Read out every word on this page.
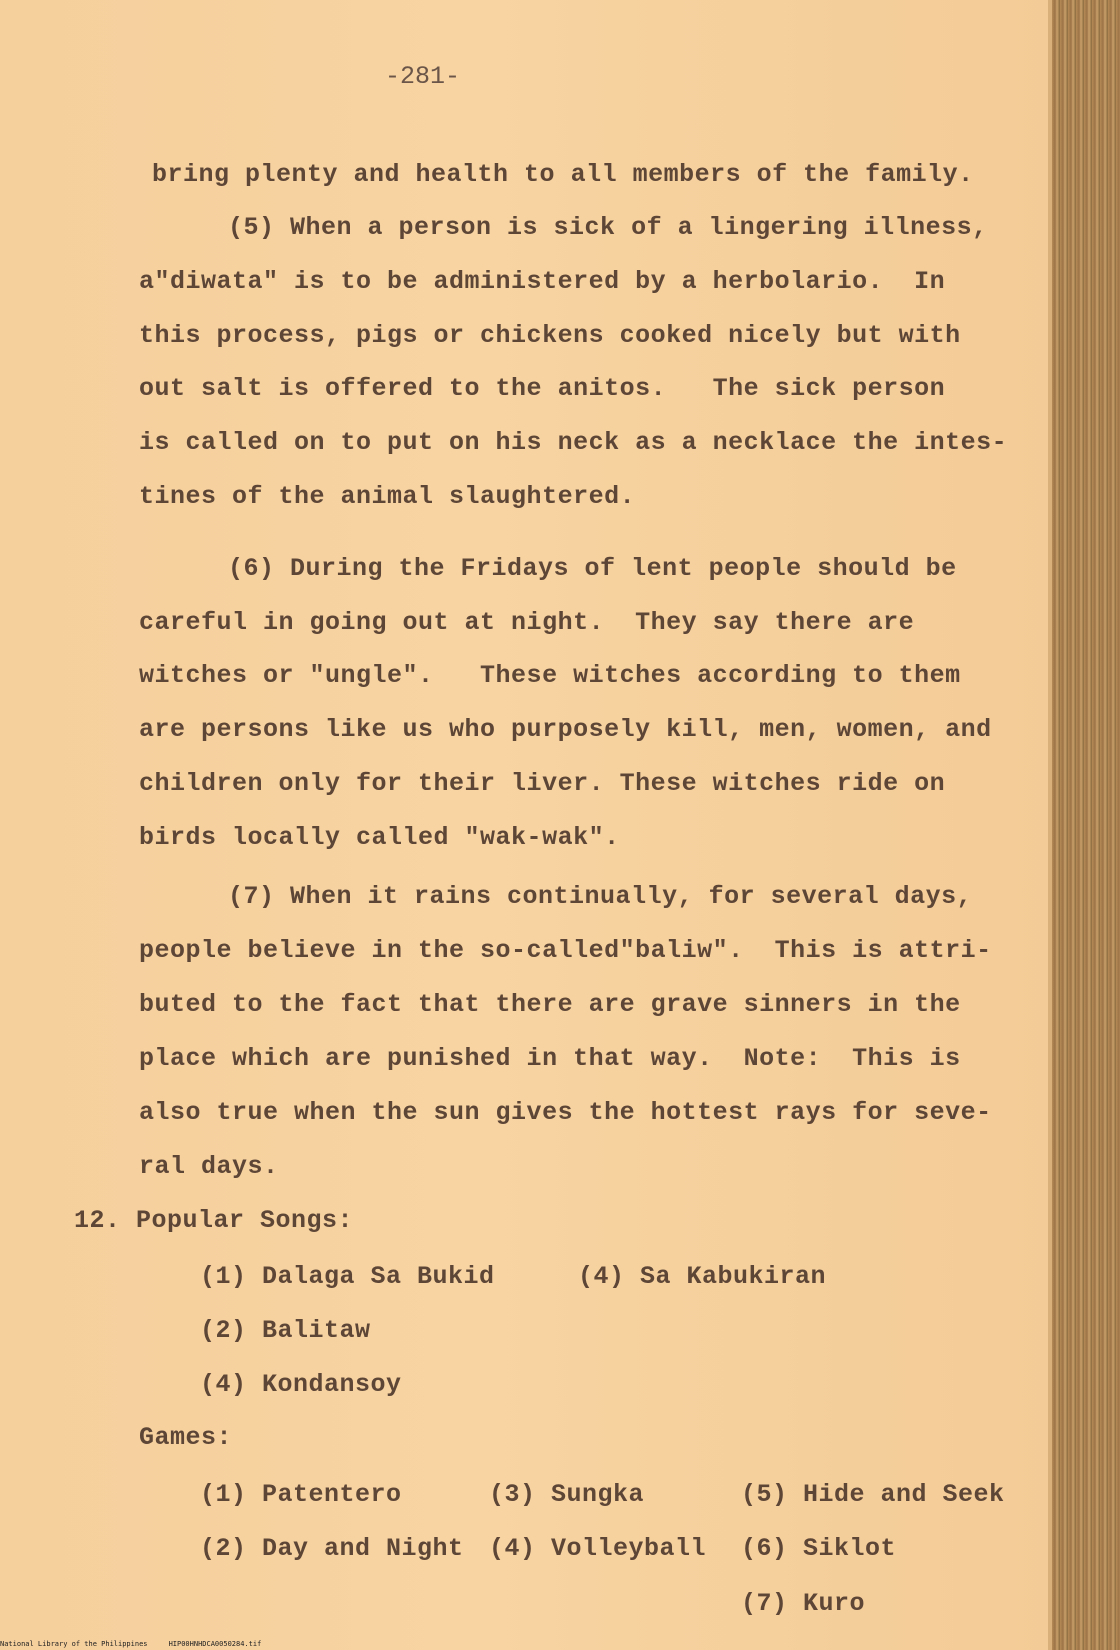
-281-
bring plenty and health to all members of the family.
(5) When a person is sick of a lingering illness,
a"diwata" is to be administered by a herbolario.  In
this process, pigs or chickens cooked nicely but with
out salt is offered to the anitos.   The sick person
is called on to put on his neck as a necklace the intes-
tines of the animal slaughtered.
(6) During the Fridays of lent people should be
careful in going out at night.  They say there are
witches or "ungle".   These witches according to them
are persons like us who purposely kill, men, women, and
children only for their liver. These witches ride on
birds locally called "wak-wak".
(7) When it rains continually, for several days,
people believe in the so-called"baliw".  This is attri-
buted to the fact that there are grave sinners in the
place which are punished in that way.  Note:  This is
also true when the sun gives the hottest rays for seve-
ral days.
12. Popular Songs:
(1) Dalaga Sa Bukid	(4) Sa Kabukiran
(2) Balitaw
(4) Kondansoy
Games:
(1) Patentero	(3) Sungka	(5) Hide and Seek
(2) Day and Night (4) Volleyball (6) Siklot
(7) Kuro
National Library of the Philippines     HIP00HNHDCA0050284.tif
